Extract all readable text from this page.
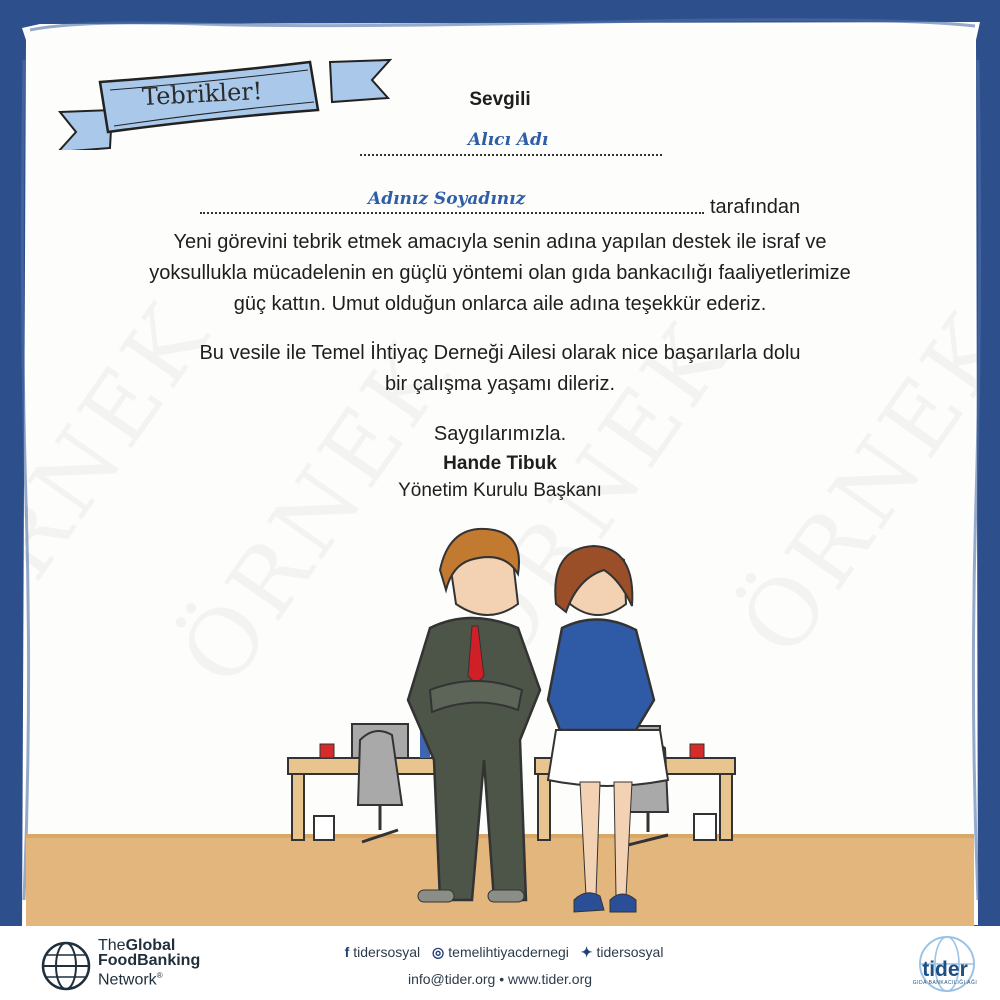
Tebrikler!	Sevgili
Alıcı Adı
Adınız Soyadınız	tarafından
Yeni görevini tebrik etmek amacıyla senin adına yapılan destek ile israf ve
yoksullukla mücadelenin en güçlü yöntemi olan gıda bankacılığı faaliyetlerimize
güç kattın. Umut olduğun onlarca aile adına teşekkür ederiz.
Bu vesile ile Temel İhtiyaç Derneği Ailesi olarak nice başarılarla dolu
bir çalışma yaşamı dileriz.
Saygılarımızla.
Hande Tibuk
Yönetim Kurulu Başkanı
TheGlobal
FoodBanking
Network®
f tidersosyal ◎ temelihtiyacdernegi ✦ tidersosyal
info@tider.org • www.tider.org	tider
GIDA BANKACILIĞI AĞI
